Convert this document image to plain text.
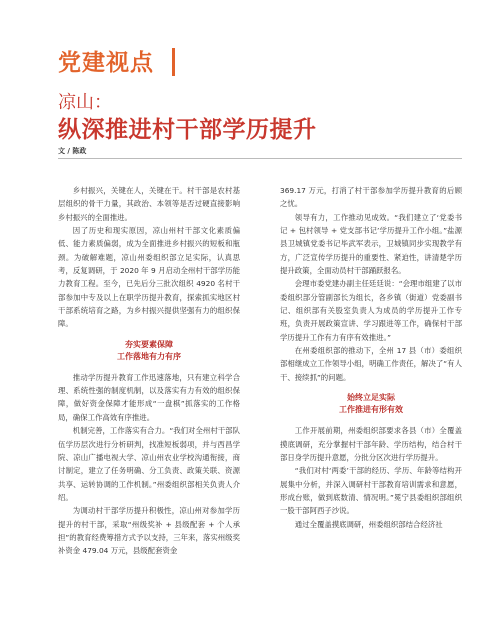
党建视点
凉山：
纵深推进村干部学历提升
文 / 陈政

乡村振兴，关键在人，关键在干。村干部是农村基层组织的骨干力量，其政治、本领等是否过硬直接影响乡村振兴的全面推进。

因了历史和现实原因，凉山州村干部文化素质偏低、能力素质偏弱，成为全面推进乡村振兴的短板和瓶颈。为破解难题，凉山州委组织部立足实际，认真思考，反复调研，于 2020 年 9 月启动全州村干部学历能力教育工程。至今，已先后分三批次组织 4920 名村干部参加中专及以上在职学历提升教育，探索抓实地区村干部系统培育之路，为乡村振兴提供坚强有力的组织保障。

夯实要素保障
工作落地有力有序

推动学历提升教育工作迅速落地，只有建立科学合理、系统性强的制度机制，以及落实有力有效的组织保障，做好资金保障才能形成“一盘棋”抓落实的工作格局，确保工作高效有序推进。

机制完善，工作落实有合力。“我们对全州村干部队伍学历层次进行分析研判，找准短板弱项，并与西昌学院、凉山广播电视大学、凉山州农业学校沟通衔接，商讨制定，建立了任务明确、分工负责、政策关联、资源共享、运转协调的工作机制。”州委组织部相关负责人介绍。

为调动村干部学历提升积极性，凉山州对参加学历提升的村干部，采取“州级奖补 + 县级配套 + 个人承担”的教育经费筹措方式予以支持，三年来，落实州级奖补资金 479.04 万元，县级配套资金

369.17 万元，打消了村干部参加学历提升教育的后顾之忧。

领导有力，工作推动见成效。“我们建立了‘党委书记 + 包村领导 + 党支部书记’学历提升工作小组。”盐源县卫城镇党委书记毕武军表示，卫城镇同步实现教学有方，广泛宣传学历提升的重要性、紧迫性，讲清楚学历提升政策，全面动员村干部踊跃报名。

会理市委党建办副主任廷廷说：“会理市组建了以市委组织部分管副部长为组长，各乡镇（街道）党委副书记、组织部有关股室负责人为成员的学历提升工作专班，负责开展政策宣讲、学习跟进等工作，确保村干部学历提升工作有力有序有效推进。”

在州委组织部的推动下，全州 17 县（市）委组织部相继成立工作领导小组，明确工作责任，解决了“有人干、接续抓”的问题。

始终立足实际
工作推进有形有效

工作开展前期，州委组织部要求各县（市）全覆盖摸底调研，充分掌握村干部年龄、学历结构，结合村干部日身学历提升意愿，分批分区次进行学历提升。

“我们对村‘两委’干部的经历、学历、年龄等结构开展集中分析，并深入调研村干部教育培训需求和意愿，形成台账，做到底数清、情况明。”冕宁县委组织部组织一股干部阿西子沙说。

通过全覆盖摸底调研，州委组织部结合经济社
